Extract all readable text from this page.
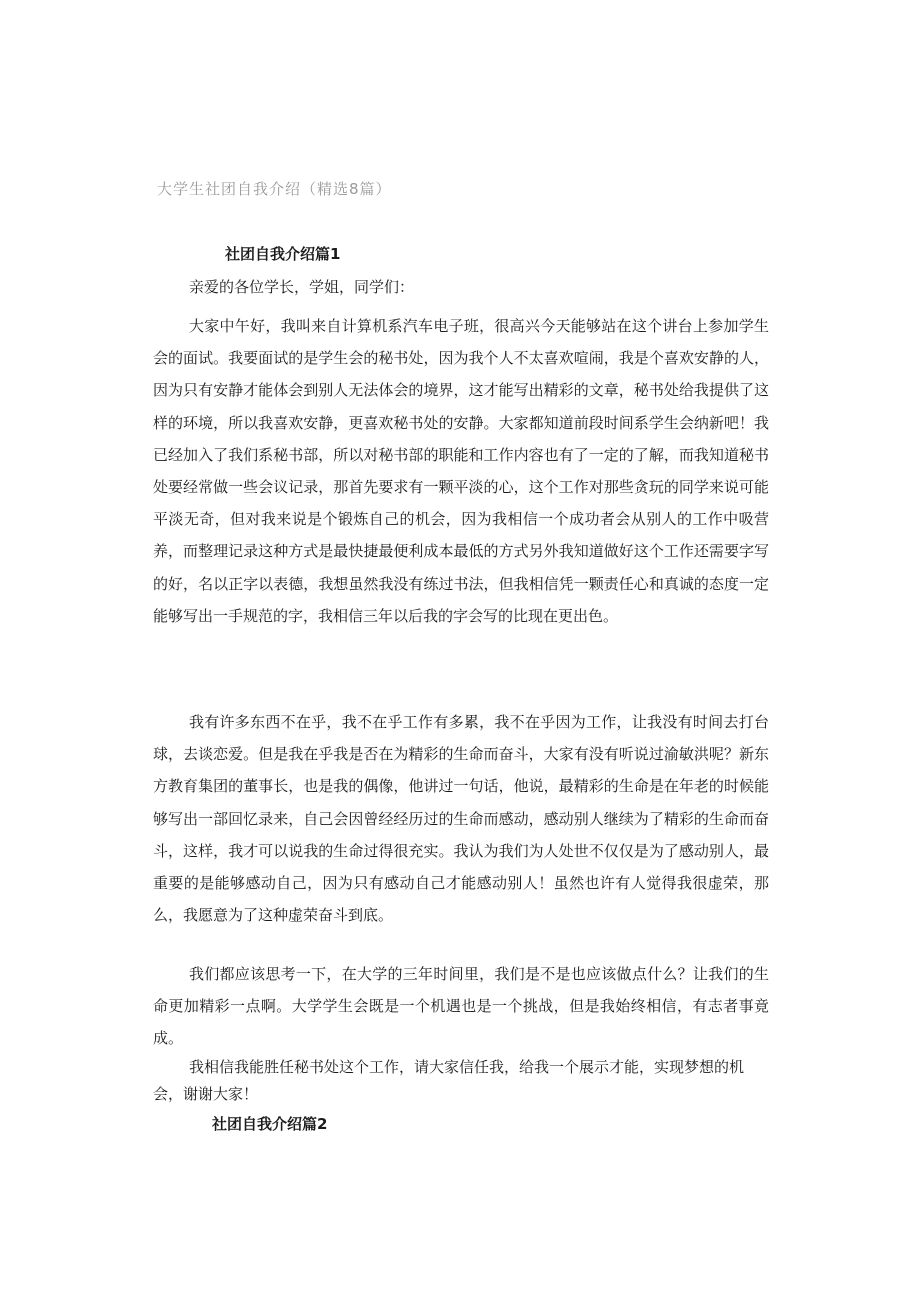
大学生社团自我介绍（精选8篇）
社团自我介绍篇1

亲爱的各位学长，学姐，同学们：

大家中午好，我叫来自计算机系汽车电子班，很高兴今天能够站在这个讲台上参加学生会的面试。我要面试的是学生会的秘书处，因为我个人不太喜欢喧闹，我是个喜欢安静的人，因为只有安静才能体会到别人无法体会的境界，这才能写出精彩的文章，秘书处给我提供了这样的环境，所以我喜欢安静，更喜欢秘书处的安静。大家都知道前段时间系学生会纳新吧！我已经加入了我们系秘书部，所以对秘书部的职能和工作内容也有了一定的了解，而我知道秘书处要经常做一些会议记录，那首先要求有一颗平淡的心，这个工作对那些贪玩的同学来说可能平淡无奇，但对我来说是个锻炼自己的机会，因为我相信一个成功者会从别人的工作中吸营养，而整理记录这种方式是最快捷最便利成本最低的方式另外我知道做好这个工作还需要字写的好，名以正字以表德，我想虽然我没有练过书法，但我相信凭一颗责任心和真诚的态度一定能够写出一手规范的字，我相信三年以后我的字会写的比现在更出色。

我有许多东西不在乎，我不在乎工作有多累，我不在乎因为工作，让我没有时间去打台球，去谈恋爱。但是我在乎我是否在为精彩的生命而奋斗，大家有没有听说过渝敏洪呢？新东方教育集团的董事长，也是我的偶像，他讲过一句话，他说，最精彩的生命是在年老的时候能够写出一部回忆录来，自己会因曾经经历过的生命而感动，感动别人继续为了精彩的生命而奋斗，这样，我才可以说我的生命过得很充实。我认为我们为人处世不仅仅是为了感动别人，最重要的是能够感动自己，因为只有感动自己才能感动别人！虽然也许有人觉得我很虚荣，那么，我愿意为了这种虚荣奋斗到底。

我们都应该思考一下，在大学的三年时间里，我们是不是也应该做点什么？让我们的生命更加精彩一点啊。大学学生会既是一个机遇也是一个挑战，但是我始终相信，有志者事竟成。

我相信我能胜任秘书处这个工作，请大家信任我，给我一个展示才能，实现梦想的机会，谢谢大家！

社团自我介绍篇2
